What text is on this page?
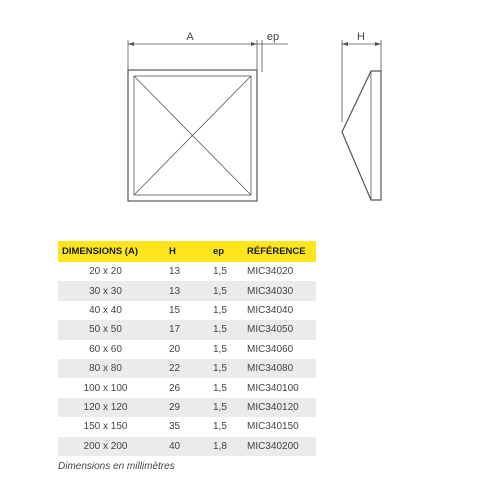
A	ep	H
DIMENSIONS (A)	H	ep	RÉFÉRENCE
20 x 20	13	1,5	MIC34020
30 x 30	13	1,5	MIC34030
40 x 40	15	1,5	MIC34040
50 x 50	17	1,5	MIC34050
60 x 60	20	1,5	MIC34060
80 x 80	22	1,5	MIC34080
100 x 100	26	1,5	MIC340100
120 x 120	29	1,5	MIC340120
150 x 150	35	1,5	MIC340150
200 x 200	40	1,8	MIC340200
Dimensions en millimètres
